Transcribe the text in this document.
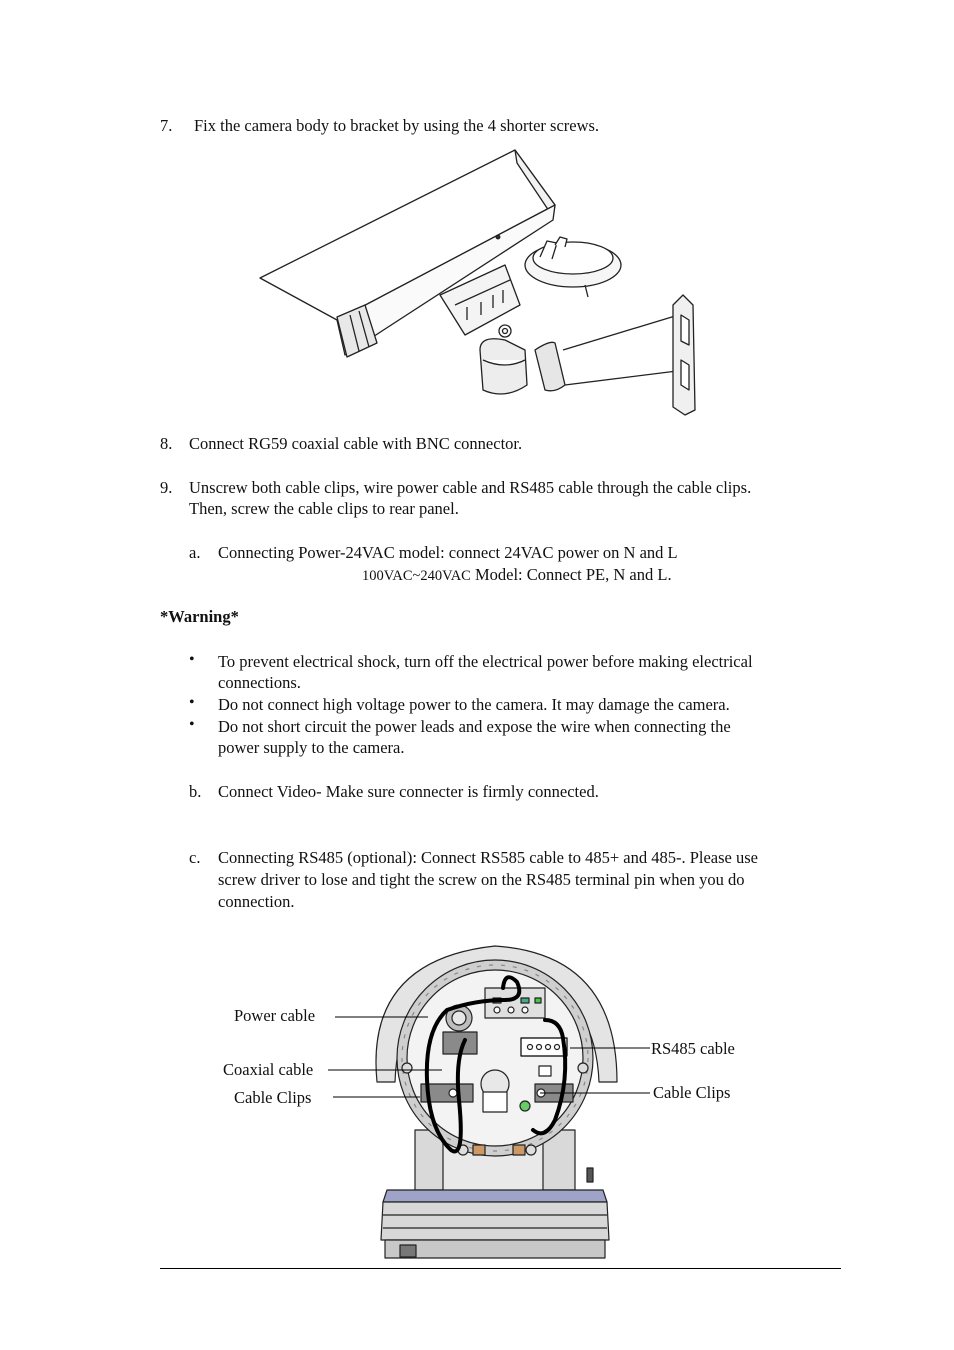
7. Fix the camera body to bracket by using the 4 shorter screws.
8. Connect RG59 coaxial cable with BNC connector.
9. Unscrew both cable clips, wire power cable and RS485 cable through the cable clips.
Then, screw the cable clips to rear panel.
a. Connecting Power-24VAC model: connect 24VAC power on N and L
100VAC~240VAC Model: Connect PE, N and L.
*Warning*
• To prevent electrical shock, turn off the electrical power before making electrical
connections.
• Do not connect high voltage power to the camera. It may damage the camera.
• Do not short circuit the power leads and expose the wire when connecting the
power supply to the camera.
b. Connect Video- Make sure connecter is firmly connected.
c. Connecting RS485 (optional): Connect RS585 cable to 485+ and 485-. Please use
screw driver to lose and tight the screw on the RS485 terminal pin when you do
connection.
Power cable
Coaxial cable
Cable Clips
RS485 cable
Cable Clips
